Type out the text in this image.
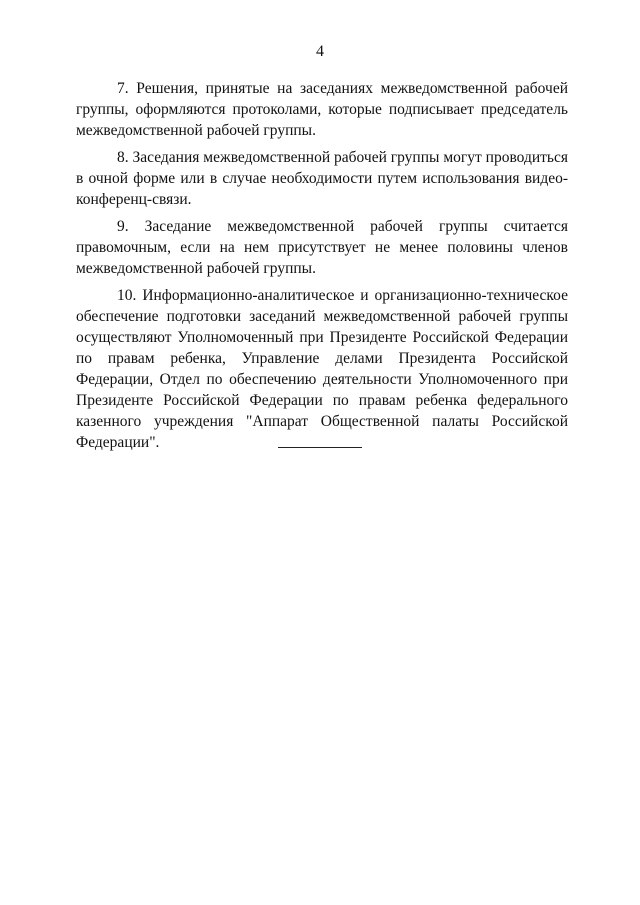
4

7. Решения, принятые на заседаниях межведомственной рабочей группы, оформляются протоколами, которые подписывает председатель межведомственной рабочей группы.

8. Заседания межведомственной рабочей группы могут проводиться в очной форме или в случае необходимости путем использования видео-конференц-связи.

9. Заседание межведомственной рабочей группы считается правомочным, если на нем присутствует не менее половины членов межведомственной рабочей группы.

10. Информационно-аналитическое и организационно-техническое обеспечение подготовки заседаний межведомственной рабочей группы осуществляют Уполномоченный при Президенте Российской Федерации по правам ребенка, Управление делами Президента Российской Федерации, Отдел по обеспечению деятельности Уполномоченного при Президенте Российской Федерации по правам ребенка федерального казенного учреждения "Аппарат Общественной палаты Российской Федерации".
